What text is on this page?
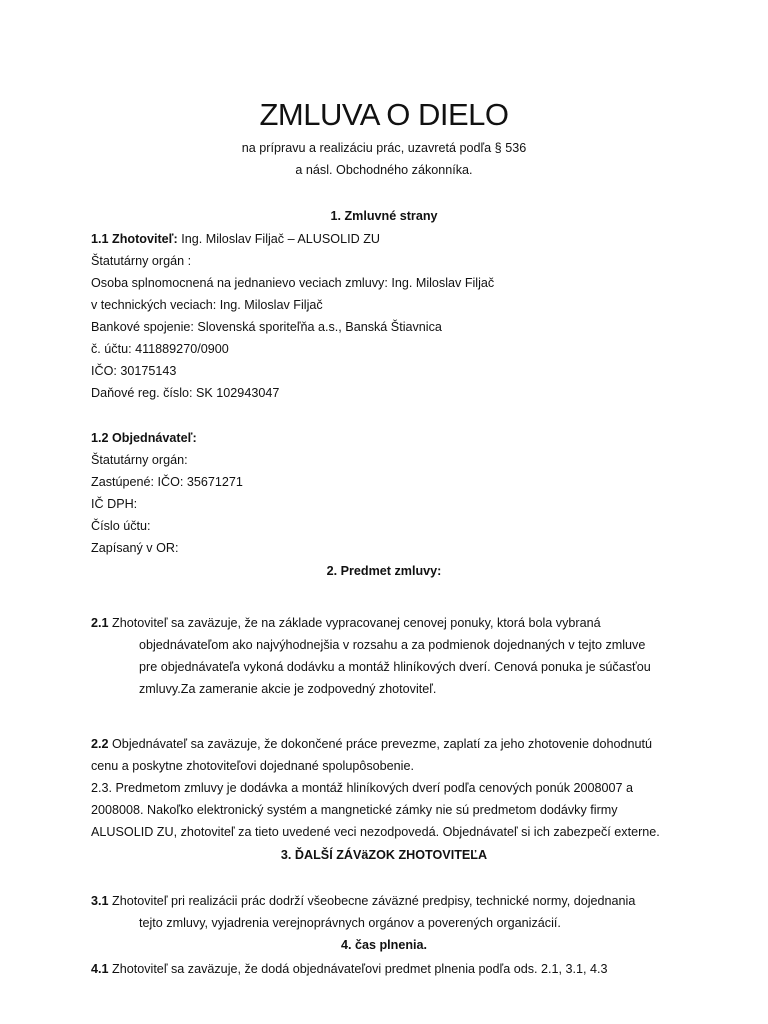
ZMLUVA O DIELO
na prípravu a realizáciu prác, uzavretá podľa § 536
a násl. Obchodného zákonníka.
1. Zmluvné strany
1.1 Zhotoviteľ: Ing. Miloslav Filjač – ALUSOLID ZU
Štatutárny orgán :
Osoba splnomocnená na jednanievo veciach zmluvy: Ing. Miloslav Filjač
v technických veciach: Ing. Miloslav Filjač
Bankové spojenie: Slovenská sporiteľňa a.s., Banská Štiavnica
č. účtu: 411889270/0900
IČO: 30175143
Daňové reg. číslo: SK 102943047
1.2 Objednávateľ:
Štatutárny orgán:
Zastúpené: IČO: 35671271
IČ DPH:
Číslo účtu:
Zapísaný v OR:
2. Predmet zmluvy:
2.1 Zhotoviteľ sa zaväzuje, že na základe vypracovanej cenovej ponuky, ktorá bola vybraná
objednávateľom ako najvýhodnejšia v rozsahu a za podmienok dojednaných v tejto zmluve
pre objednávateľa vykoná dodávku a montáž hliníkových dverí. Cenová ponuka je súčasťou
zmluvy.Za zameranie akcie je zodpovedný zhotoviteľ.
2.2 Objednávateľ sa zaväzuje, že dokončené práce prevezme, zaplatí za jeho zhotovenie dohodnutú
cenu a poskytne zhotoviteľovi dojednané spolupôsobenie.
2.3. Predmetom zmluvy je dodávka a montáž hliníkových dverí podľa cenových ponúk 2008007 a
2008008. Nakoľko elektronický systém a mangnetické zámky nie sú predmetom dodávky firmy
ALUSOLID ZU, zhotoviteľ za tieto uvedené veci nezodpovedá. Objednávateľ si ich zabezpečí externe.
3. ĎALŠÍ ZÁVäZOK ZHOTOVITEĽA
3.1 Zhotoviteľ pri realizácii prác dodrží všeobecne záväzné predpisy, technické normy, dojednania
tejto zmluvy, vyjadrenia verejnoprávnych orgánov a poverených organizácií.
4. čas plnenia.
4.1 Zhotoviteľ sa zaväzuje, že dodá objednávateľovi predmet plnenia podľa ods. 2.1, 3.1, 4.3
